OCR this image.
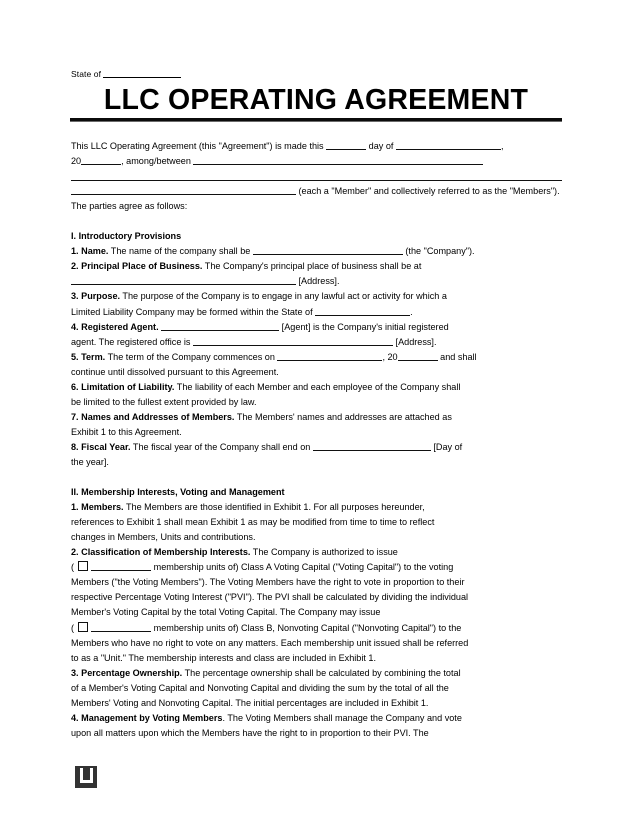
State of
LLC OPERATING AGREEMENT

This LLC Operating Agreement (this "Agreement") is made this	day of	,

20	, among/between

(each a "Member" and collectively referred to as the "Members").

The parties agree as follows:

I. Introductory Provisions

1. Name. The name of the company shall be	(the "Company").

2. Principal Place of Business. The Company's principal place of business shall be at

[Address].

3. Purpose. The purpose of the Company is to engage in any lawful act or activity for which a

Limited Liability Company may be formed within the State of	.

4. Registered Agent.	[Agent] is the Company's initial registered

agent. The registered office is	[Address].

5. Term. The term of the Company commences on	, 20	and shall

continue until dissolved pursuant to this Agreement.

6. Limitation of Liability. The liability of each Member and each employee of the Company shall

be limited to the fullest extent provided by law.

7. Names and Addresses of Members. The Members' names and addresses are attached as

Exhibit 1 to this Agreement.

8. Fiscal Year. The fiscal year of the Company shall end on	[Day of

the year].

II. Membership Interests, Voting and Management

1. Members. The Members are those identified in Exhibit 1. For all purposes hereunder,

references to Exhibit 1 shall mean Exhibit 1 as may be modified from time to time to reflect

changes in Members, Units and contributions.

2. Classification of Membership Interests. The Company is authorized to issue

(	membership units of) Class A Voting Capital ("Voting Capital") to the voting

Members ("the Voting Members"). The Voting Members have the right to vote in proportion to their

respective Percentage Voting Interest ("PVI"). The PVI shall be calculated by dividing the individual

Member's Voting Capital by the total Voting Capital. The Company may issue

(	membership units of) Class B, Nonvoting Capital ("Nonvoting Capital") to the

Members who have no right to vote on any matters. Each membership unit issued shall be referred

to as a "Unit." The membership interests and class are included in Exhibit 1.

3. Percentage Ownership. The percentage ownership shall be calculated by combining the total

of a Member's Voting Capital and Nonvoting Capital and dividing the sum by the total of all the

Members' Voting and Nonvoting Capital. The initial percentages are included in Exhibit 1.

4. Management by Voting Members. The Voting Members shall manage the Company and vote

upon all matters upon which the Members have the right to in proportion to their PVI. The
